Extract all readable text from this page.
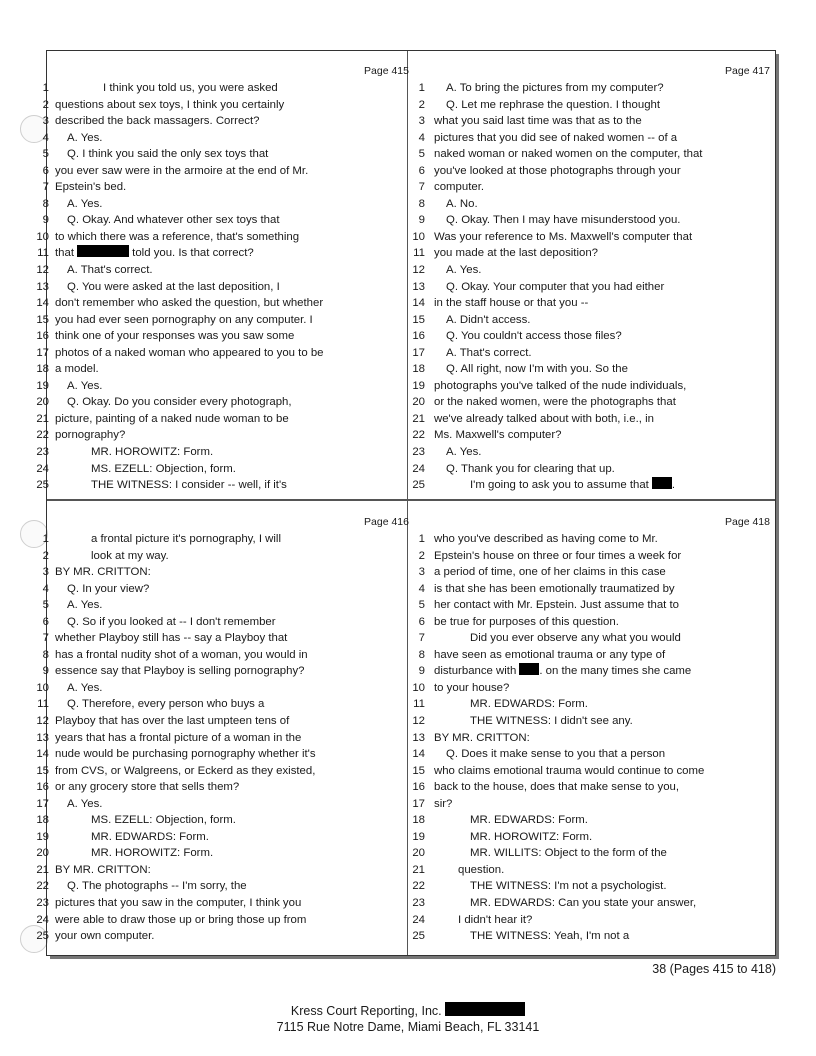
Page 415
1	I think you told us, you were asked
2 questions about sex toys, I think you certainly
3 described the back massagers. Correct?
4	A. Yes.
5	Q. I think you said the only sex toys that
6 you ever saw were in the armoire at the end of Mr.
7 Epstein's bed.
8	A. Yes.
9	Q. Okay. And whatever other sex toys that
10 to which there was a reference, that's something
11 that	told you. Is that correct?
12	A. That's correct.
13	Q. You were asked at the last deposition, I
14 don't remember who asked the question, but whether
15 you had ever seen pornography on any computer. I
16 think one of your responses was you saw some
17 photos of a naked woman who appeared to you to be
18 a model.
19	A. Yes.
20	Q. Okay. Do you consider every photograph,
21 picture, painting of a naked nude woman to be
22 pornography?
23	MR. HOROWITZ: Form.
24	MS. EZELL: Objection, form.
25	THE WITNESS: I consider -- well, if it's
Page 417
1	A. To bring the pictures from my computer?
2	Q. Let me rephrase the question. I thought
3 what you said last time was that as to the
4 pictures that you did see of naked women -- of a
5 naked woman or naked women on the computer, that
6 you've looked at those photographs through your
7 computer.
8	A. No.
9	Q. Okay. Then I may have misunderstood you.
10 Was your reference to Ms. Maxwell's computer that
11 you made at the last deposition?
12	A. Yes.
13	Q. Okay. Your computer that you had either
14 in the staff house or that you --
15	A. Didn't access.
16	Q. You couldn't access those files?
17	A. That's correct.
18	Q. All right, now I'm with you. So the
19 photographs you've talked of the nude individuals,
20 or the naked women, were the photographs that
21 we've already talked about with both, i.e., in
22 Ms. Maxwell's computer?
23	A. Yes.
24	Q. Thank you for clearing that up.
25	I'm going to ask you to assume that .
Page 416
1	a frontal picture it's pornography, I will
2	look at my way.
3 BY MR. CRITTON:
4	Q. In your view?
5	A. Yes.
6	Q. So if you looked at -- I don't remember
7 whether Playboy still has -- say a Playboy that
8 has a frontal nudity shot of a woman, you would in
9 essence say that Playboy is selling pornography?
10	A. Yes.
11	Q. Therefore, every person who buys a
12 Playboy that has over the last umpteen tens of
13 years that has a frontal picture of a woman in the
14 nude would be purchasing pornography whether it's
15 from CVS, or Walgreens, or Eckerd as they existed,
16 or any grocery store that sells them?
17	A. Yes.
18	MS. EZELL: Objection, form.
19	MR. EDWARDS: Form.
20	MR. HOROWITZ: Form.
21 BY MR. CRITTON:
22	Q. The photographs -- I'm sorry, the
23 pictures that you saw in the computer, I think you
24 were able to draw those up or bring those up from
25 your own computer.
Page 418
1 who you've described as having come to Mr.
2 Epstein's house on three or four times a week for
3 a period of time, one of her claims in this case
4 is that she has been emotionally traumatized by
5 her contact with Mr. Epstein. Just assume that to
6 be true for purposes of this question.
7	Did you ever observe any what you would
8 have seen as emotional trauma or any type of
9 disturbance with . on the many times she came
10 to your house?
11	MR. EDWARDS: Form.
12	THE WITNESS: I didn't see any.
13 BY MR. CRITTON:
14	Q. Does it make sense to you that a person
15 who claims emotional trauma would continue to come
16 back to the house, does that make sense to you,
17 sir?
18	MR. EDWARDS: Form.
19	MR. HOROWITZ: Form.
20	MR. WILLITS: Object to the form of the
21	question.
22	THE WITNESS: I'm not a psychologist.
23	MR. EDWARDS: Can you state your answer,
24	I didn't hear it?
25	THE WITNESS: Yeah, I'm not a
38 (Pages 415 to 418)
Kress Court Reporting, Inc.
7115 Rue Notre Dame, Miami Beach, FL 33141
